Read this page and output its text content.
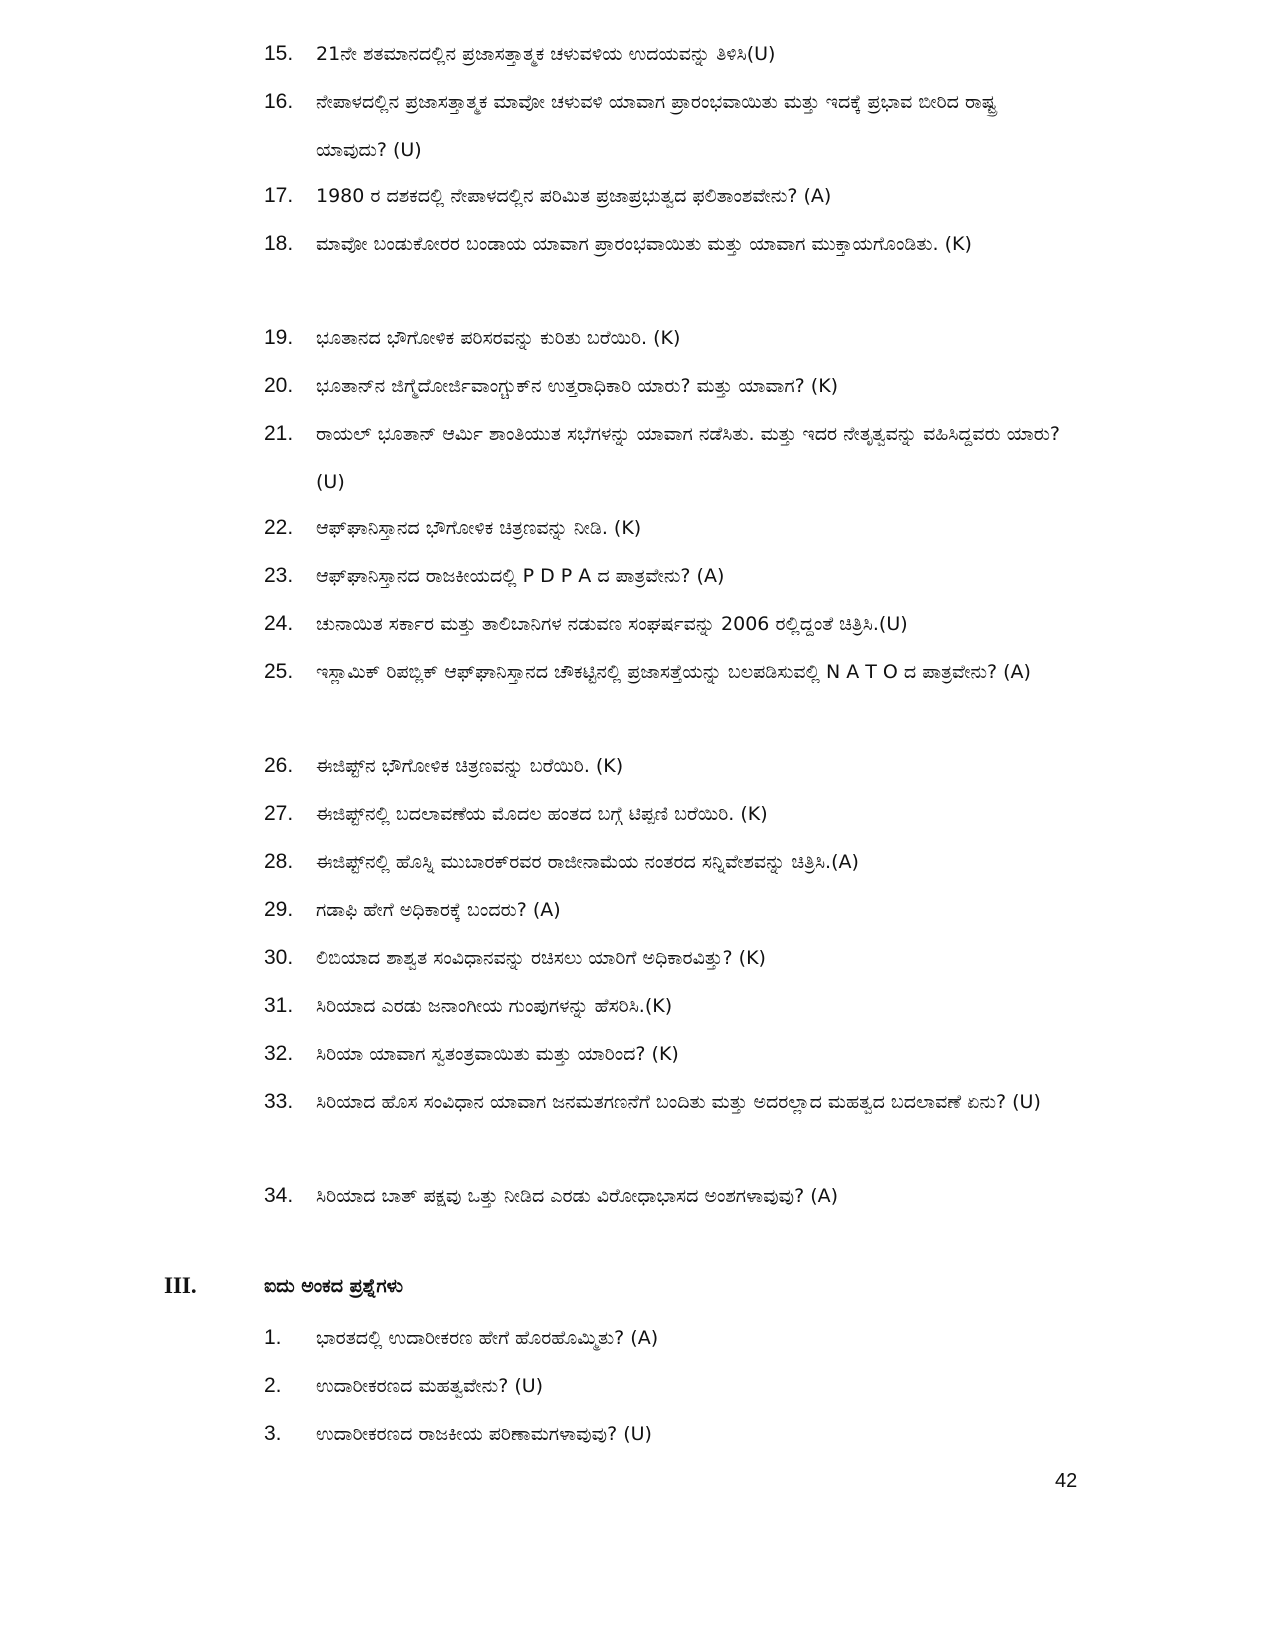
15.	21ನೇ ಶತಮಾನದಲ್ಲಿನ ಪ್ರಜಾಸತ್ತಾತ್ಮಕ ಚಳುವಳಿಯ ಉದಯವನ್ನು ತಿಳಿಸಿ(U)
16.	ನೇಪಾಳದಲ್ಲಿನ ಪ್ರಜಾಸತ್ತಾತ್ಮಕ ಮಾವೋ ಚಳುವಳಿ ಯಾವಾಗ ಪ್ರಾರಂಭವಾಯಿತು ಮತ್ತು ಇದಕ್ಕೆ ಪ್ರಭಾವ ಬೀರಿದ ರಾಷ್ಟ್ರ ಯಾವುದು? (U)
17.	1980 ರ ದಶಕದಲ್ಲಿ ನೇಪಾಳದಲ್ಲಿನ ಪರಿಮಿತ ಪ್ರಜಾಪ್ರಭುತ್ವದ ಫಲಿತಾಂಶವೇನು? (A)
18.	ಮಾವೋ ಬಂಡುಕೋರರ ಬಂಡಾಯ ಯಾವಾಗ ಪ್ರಾರಂಭವಾಯಿತು ಮತ್ತು ಯಾವಾಗ ಮುಕ್ತಾಯಗೊಂಡಿತು. (K)
19.	ಭೂತಾನದ ಭೌಗೋಳಿಕ ಪರಿಸರವನ್ನು ಕುರಿತು ಬರೆಯಿರಿ. (K)
20.	ಭೂತಾನ್‌ನ ಜಿಗ್ಮೆದೋರ್ಜಿವಾಂಗ್ಚುಕ್‌ನ ಉತ್ತರಾಧಿಕಾರಿ ಯಾರು? ಮತ್ತು ಯಾವಾಗ? (K)
21.	ರಾಯಲ್ ಭೂತಾನ್ ಆರ್ಮಿ ಶಾಂತಿಯುತ ಸಭೆಗಳನ್ನು ಯಾವಾಗ ನಡೆಸಿತು. ಮತ್ತು ಇದರ ನೇತೃತ್ವವನ್ನು ವಹಿಸಿದ್ದವರು ಯಾರು? (U)
22.	ಆಫ್‌ಘಾನಿಸ್ತಾನದ ಭೌಗೋಳಿಕ ಚಿತ್ರಣವನ್ನು ನೀಡಿ. (K)
23.	ಆಫ್‌ಘಾನಿಸ್ತಾನದ ರಾಜಕೀಯದಲ್ಲಿ P D P A ದ ಪಾತ್ರವೇನು? (A)
24.	ಚುನಾಯಿತ ಸರ್ಕಾರ ಮತ್ತು ತಾಲಿಬಾನಿಗಳ ನಡುವಣ ಸಂಘರ್ಷವನ್ನು 2006 ರಲ್ಲಿದ್ದಂತೆ ಚಿತ್ರಿಸಿ.(U)
25.	ಇಸ್ಲಾಮಿಕ್ ರಿಪಬ್ಲಿಕ್ ಆಫ್‌ಘಾನಿಸ್ತಾನದ ಚೌಕಟ್ಟಿನಲ್ಲಿ ಪ್ರಜಾಸತ್ತೆಯನ್ನು ಬಲಪಡಿಸುವಲ್ಲಿ N A T O ದ ಪಾತ್ರವೇನು? (A)
26.	ಈಜಿಪ್ಟ್‌ನ ಭೌಗೋಳಿಕ ಚಿತ್ರಣವನ್ನು ಬರೆಯಿರಿ. (K)
27.	ಈಜಿಪ್ಟ್‌ನಲ್ಲಿ ಬದಲಾವಣೆಯ ಮೊದಲ ಹಂತದ ಬಗ್ಗೆ ಟಿಪ್ಪಣಿ ಬರೆಯಿರಿ. (K)
28.	ಈಜಿಪ್ಟ್‌ನಲ್ಲಿ ಹೊಸ್ನಿ ಮುಬಾರಕ್‌ರವರ ರಾಜೀನಾಮೆಯ ನಂತರದ ಸನ್ನಿವೇಶವನ್ನು ಚಿತ್ರಿಸಿ.(A)
29.	ಗಡಾಫಿ ಹೇಗೆ ಅಧಿಕಾರಕ್ಕೆ ಬಂದರು? (A)
30.	ಲಿಬಿಯಾದ ಶಾಶ್ವತ ಸಂವಿಧಾನವನ್ನು ರಚಿಸಲು ಯಾರಿಗೆ ಅಧಿಕಾರವಿತ್ತು? (K)
31.	ಸಿರಿಯಾದ ಎರಡು ಜನಾಂಗೀಯ ಗುಂಪುಗಳನ್ನು ಹೆಸರಿಸಿ.(K)
32.	ಸಿರಿಯಾ ಯಾವಾಗ ಸ್ವತಂತ್ರವಾಯಿತು ಮತ್ತು ಯಾರಿಂದ? (K)
33.	ಸಿರಿಯಾದ ಹೊಸ ಸಂವಿಧಾನ ಯಾವಾಗ ಜನಮತಗಣನೆಗೆ ಬಂದಿತು ಮತ್ತು ಅದರಲ್ಲಾದ ಮಹತ್ವದ ಬದಲಾವಣೆ ಏನು? (U)
34.	ಸಿರಿಯಾದ ಬಾತ್ ಪಕ್ಷವು ಒತ್ತು ನೀಡಿದ ಎರಡು ವಿರೋಧಾಭಾಸದ ಅಂಶಗಳಾವುವು? (A)
III.	ಐದು ಅಂಕದ ಪ್ರಶ್ನೆಗಳು
1.	ಭಾರತದಲ್ಲಿ ಉದಾರೀಕರಣ ಹೇಗೆ ಹೊರಹೊಮ್ಮಿತು? (A)
2.	ಉದಾರೀಕರಣದ ಮಹತ್ವವೇನು? (U)
3.	ಉದಾರೀಕರಣದ ರಾಜಕೀಯ ಪರಿಣಾಮಗಳಾವುವು? (U)
42
